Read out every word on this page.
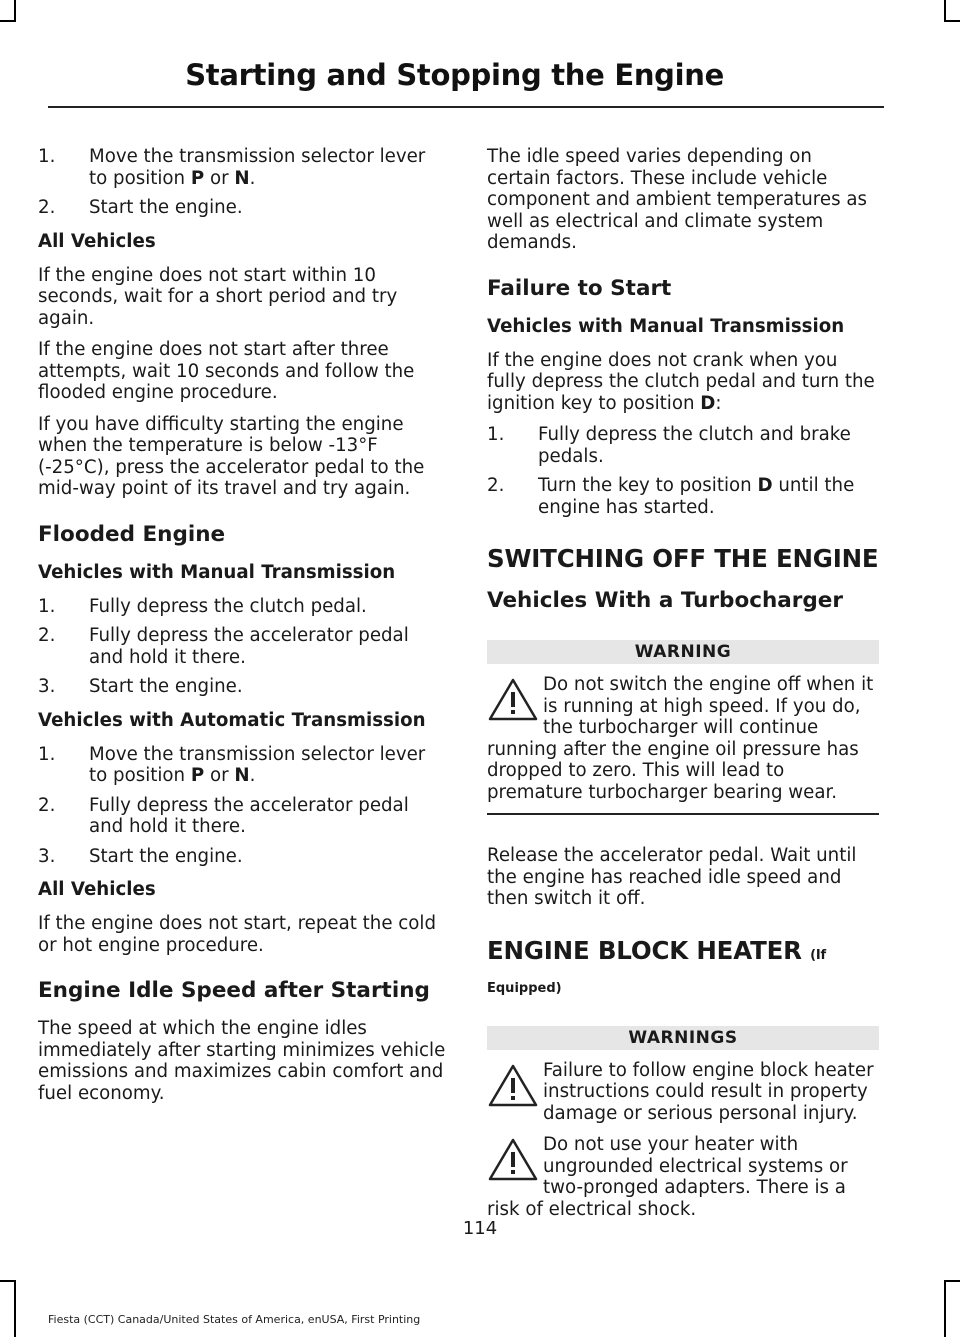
Starting and Stopping the Engine
1. Move the transmission selector lever to position P or N.
2. Start the engine.
All Vehicles

If the engine does not start within 10 seconds, wait for a short period and try again.

If the engine does not start after three attempts, wait 10 seconds and follow the flooded engine procedure.

If you have difficulty starting the engine when the temperature is below -13°F (-25°C), press the accelerator pedal to the mid-way point of its travel and try again.

Flooded Engine
Vehicles with Manual Transmission
1. Fully depress the clutch pedal.
2. Fully depress the accelerator pedal and hold it there.
3. Start the engine.
Vehicles with Automatic Transmission
1. Move the transmission selector lever to position P or N.
2. Fully depress the accelerator pedal and hold it there.
3. Start the engine.
All Vehicles

If the engine does not start, repeat the cold or hot engine procedure.

Engine Idle Speed after Starting

The speed at which the engine idles immediately after starting minimizes vehicle emissions and maximizes cabin comfort and fuel economy.

The idle speed varies depending on certain factors. These include vehicle component and ambient temperatures as well as electrical and climate system demands.

Failure to Start
Vehicles with Manual Transmission

If the engine does not crank when you fully depress the clutch pedal and turn the ignition key to position D:

1. Fully depress the clutch and brake pedals.
2. Turn the key to position D until the engine has started.
SWITCHING OFF THE ENGINE
Vehicles With a Turbocharger
WARNING

Do not switch the engine off when it is running at high speed. If you do, the turbocharger will continue running after the engine oil pressure has dropped to zero. This will lead to premature turbocharger bearing wear.

Release the accelerator pedal. Wait until the engine has reached idle speed and then switch it off.

ENGINE BLOCK HEATER (If
Equipped)
WARNINGS

Failure to follow engine block heater instructions could result in property damage or serious personal injury.

Do not use your heater with ungrounded electrical systems or two-pronged adapters. There is a risk of electrical shock.

114
Fiesta (CCT) Canada/United States of America, enUSA, First Printing
